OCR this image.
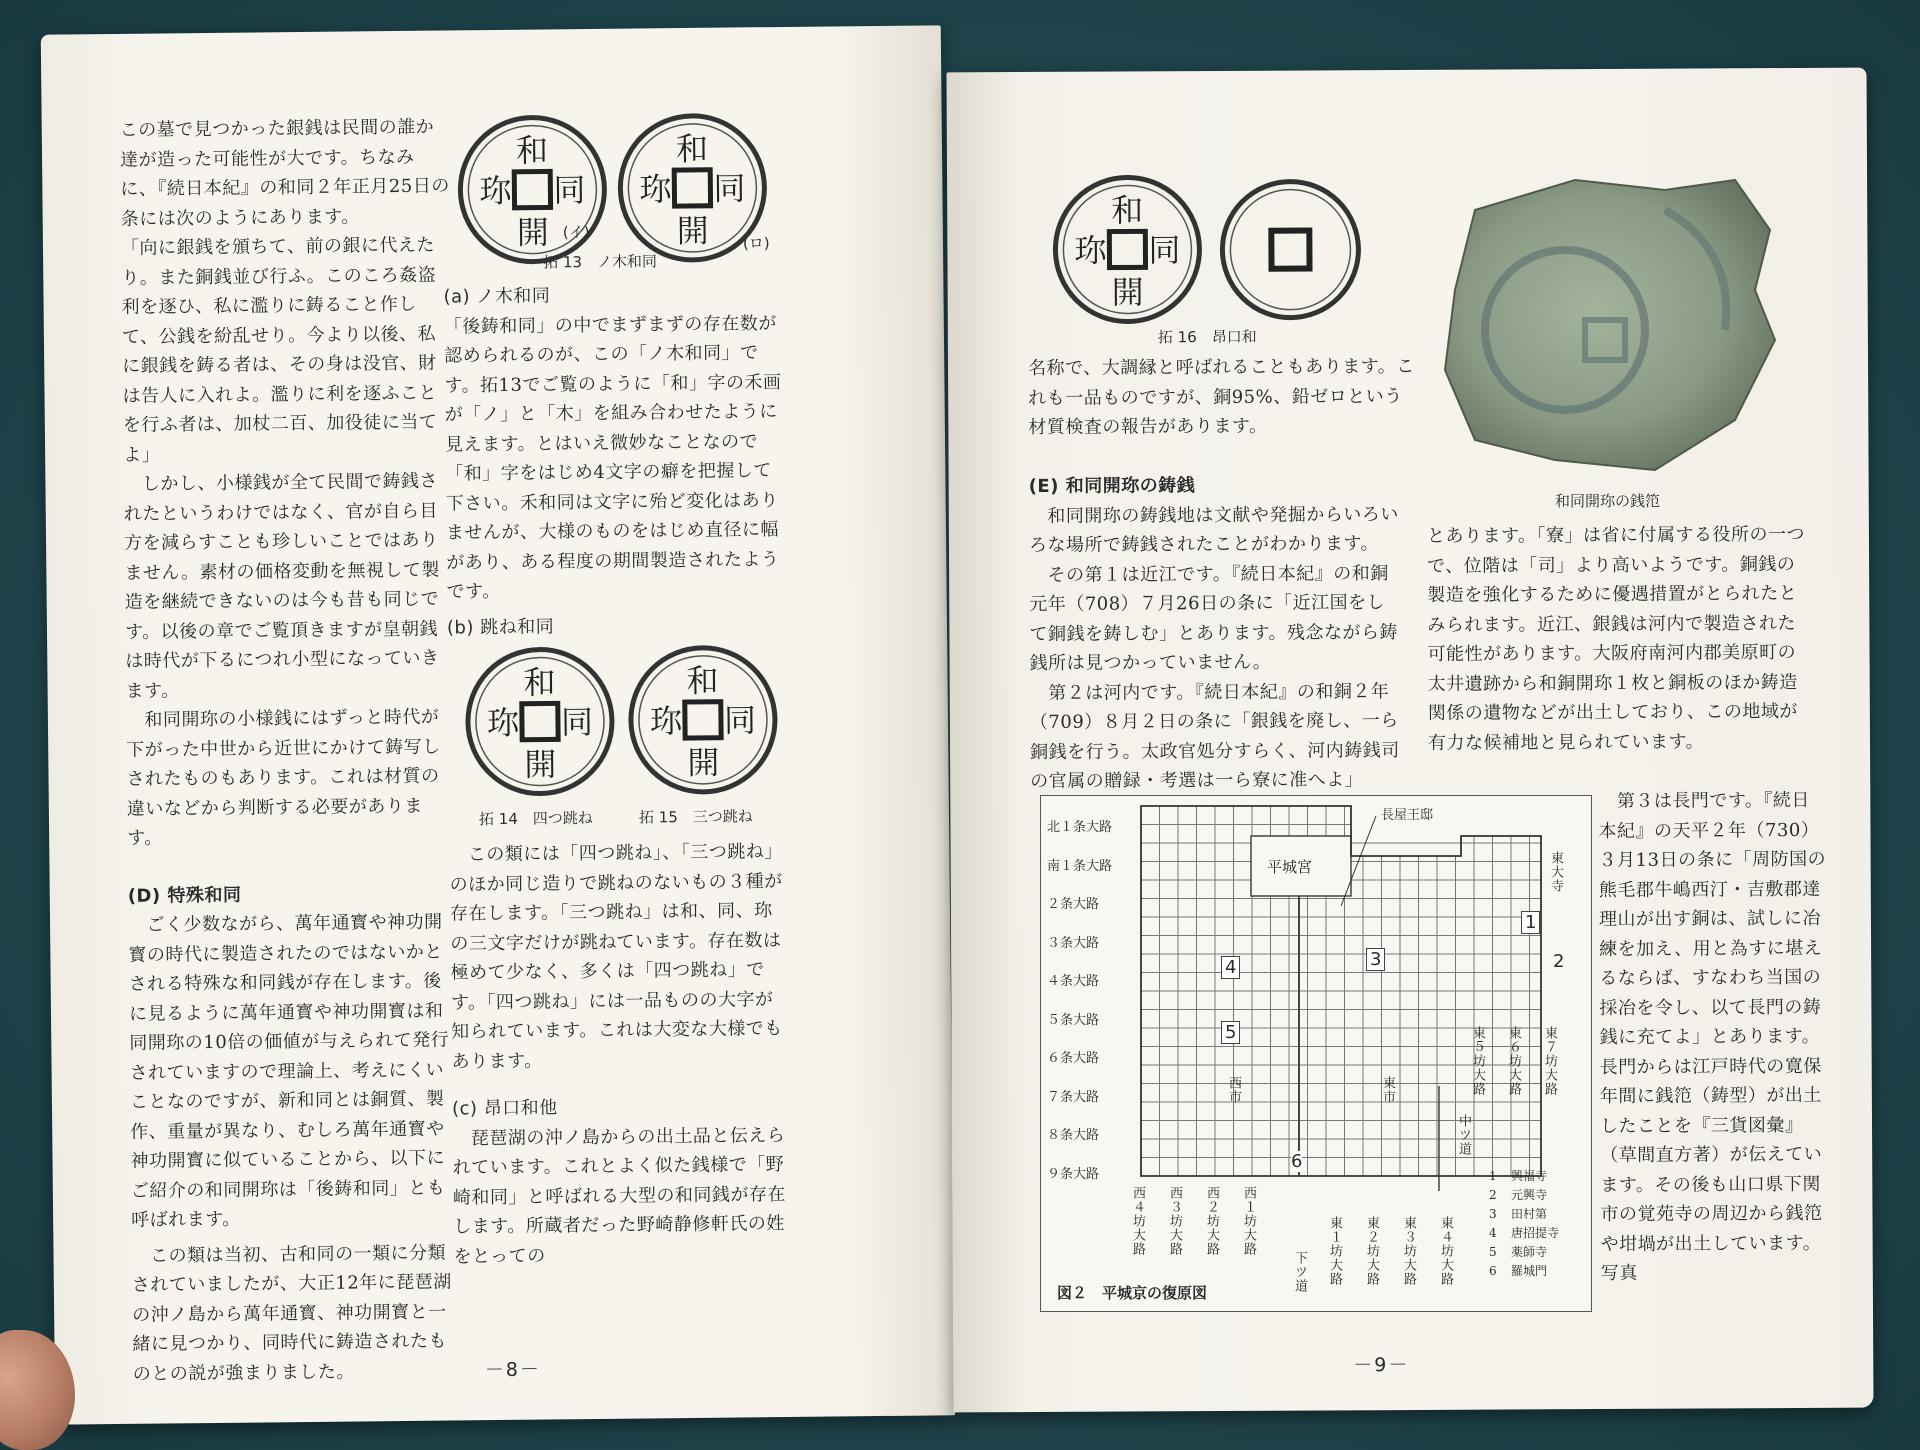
この墓で見つかった銀銭は民間の誰か達が造った可能性が大です。ちなみに、『続日本紀』の和同２年正月25日の条には次のようにあります。

「向に銀銭を頒ちて、前の銀に代えたり。また銅銭並び行ふ。このころ姦盗利を逐ひ、私に濫りに鋳ること作して、公銭を紛乱せり。今より以後、私に銀銭を鋳る者は、その身は没官、財は告人に入れよ。濫りに利を逐ふことを行ふ者は、加杖二百、加役徒に当てよ」

　しかし、小様銭が全て民間で鋳銭されたというわけではなく、官が自ら目方を減らすことも珍しいことではありません。素材の価格変動を無視して製造を継続できないのは今も昔も同じです。以後の章でご覧頂きますが皇朝銭は時代が下るにつれ小型になっていきます。

　和同開珎の小様銭にはずっと時代が下がった中世から近世にかけて鋳写しされたものもあります。これは材質の違いなどから判断する必要があります。

(D) 特殊和同

　ごく少数ながら、萬年通寳や神功開寳の時代に製造されたのではないかとされる特殊な和同銭が存在します。後に見るように萬年通寳や神功開寳は和同開珎の10倍の価値が与えられて発行されていますので理論上、考えにくいことなのですが、新和同とは銅質、製作、重量が異なり、むしろ萬年通寳や神功開寳に似ていることから、以下にご紹介の和同開珎は「後鋳和同」とも呼ばれます。

　この類は当初、古和同の一類に分類されていましたが、大正12年に琵琶湖の沖ノ島から萬年通寳、神功開寳と一緒に見つかり、同時代に鋳造されたものとの説が強まりました。

和
同
開
珎
(イ)
和
同
開
珎
(ロ)
拓 13　ノ木和同

(a) ノ木和同

「後鋳和同」の中でまずまずの存在数が認められるのが、この「ノ木和同」です。拓13でご覧のように「和」字の禾画が「ノ」と「木」を組み合わせたように見えます。とはいえ微妙なことなので「和」字をはじめ4文字の癖を把握して下さい。禾和同は文字に殆ど変化はありませんが、大様のものをはじめ直径に幅があり、ある程度の期間製造されたようです。

(b) 跳ね和同

和
同
開
珎
和
同
開
珎
拓 14　四つ跳ね	拓 15　三つ跳ね

　この類には「四つ跳ね」、「三つ跳ね」のほか同じ造りで跳ねのないもの３種が存在します。「三つ跳ね」は和、同、珎の三文字だけが跳ねています。存在数は極めて少なく、多くは「四つ跳ね」です。「四つ跳ね」には一品ものの大字が知られています。これは大変な大様でもあります。

(c) 昂口和他

　琵琶湖の沖ノ島からの出土品と伝えられています。これとよく似た銭様で「野崎和同」と呼ばれる大型の和同銭が存在します。所蔵者だった野崎静修軒氏の姓をとっての

－8－
和
同
開
珎
拓 16　昂口和

名称で、大調縁と呼ばれることもあります。これも一品ものですが、銅95%、鉛ゼロという材質検査の報告があります。

(E) 和同開珎の鋳銭

　和同開珎の鋳銭地は文献や発掘からいろいろな場所で鋳銭されたことがわかります。

　その第１は近江です。『続日本紀』の和銅元年（708）７月26日の条に「近江国をして銅銭を鋳しむ」とあります。残念ながら鋳銭所は見つかっていません。

　第２は河内です。『続日本紀』の和銅２年（709）８月２日の条に「銀銭を廃し、一ら銅銭を行う。太政官処分すらく、河内鋳銭司の官属の贈録・考選は一ら寮に准へよ」

とあります。「寮」は省に付属する役所の一つで、位階は「司」より高いようです。銅銭の製造を強化するために優遇措置がとられたとみられます。近江、銀銭は河内で製造された可能性があります。大阪府南河内郡美原町の太井遺跡から和銅開珎１枚と銅板のほか鋳造関係の遺物などが出土しており、この地域が有力な候補地と見られています。

　第３は長門です。『続日本紀』の天平２年（730）３月13日の条に「周防国の熊毛郡牛嶋西汀・吉敷郡達理山が出す銅は、試しに冶練を加え、用と為すに堪えるならば、すなわち当国の採冶を令し、以て長門の鋳銭に充てよ」とあります。長門からは江戸時代の寛保年間に銭笵（鋳型）が出土したことを『三貨図彙』（草間直方著）が伝えています。その後も山口県下関市の覚苑寺の周辺から銭笵や坩堝が出土しています。写真

－9－
和同開珎の銭笵
平城宮
長屋王邸
東大寺
北１条大路
南１条大路
２条大路
３条大路
４条大路
５条大路
６条大路
７条大路
８条大路
９条大路
1
2
3
4
5
6
西市	東市
中ツ道
下ツ道
西４坊大路 西３坊大路 西２坊大路 西１坊大路	東１坊大路 東２坊大路 東３坊大路 東４坊大路
東５坊大路 東６坊大路 東７坊大路
1 興福寺
2 元興寺
3 田村第
4 唐招提寺
5 薬師寺
6 羅城門
図２　平城京の復原図
